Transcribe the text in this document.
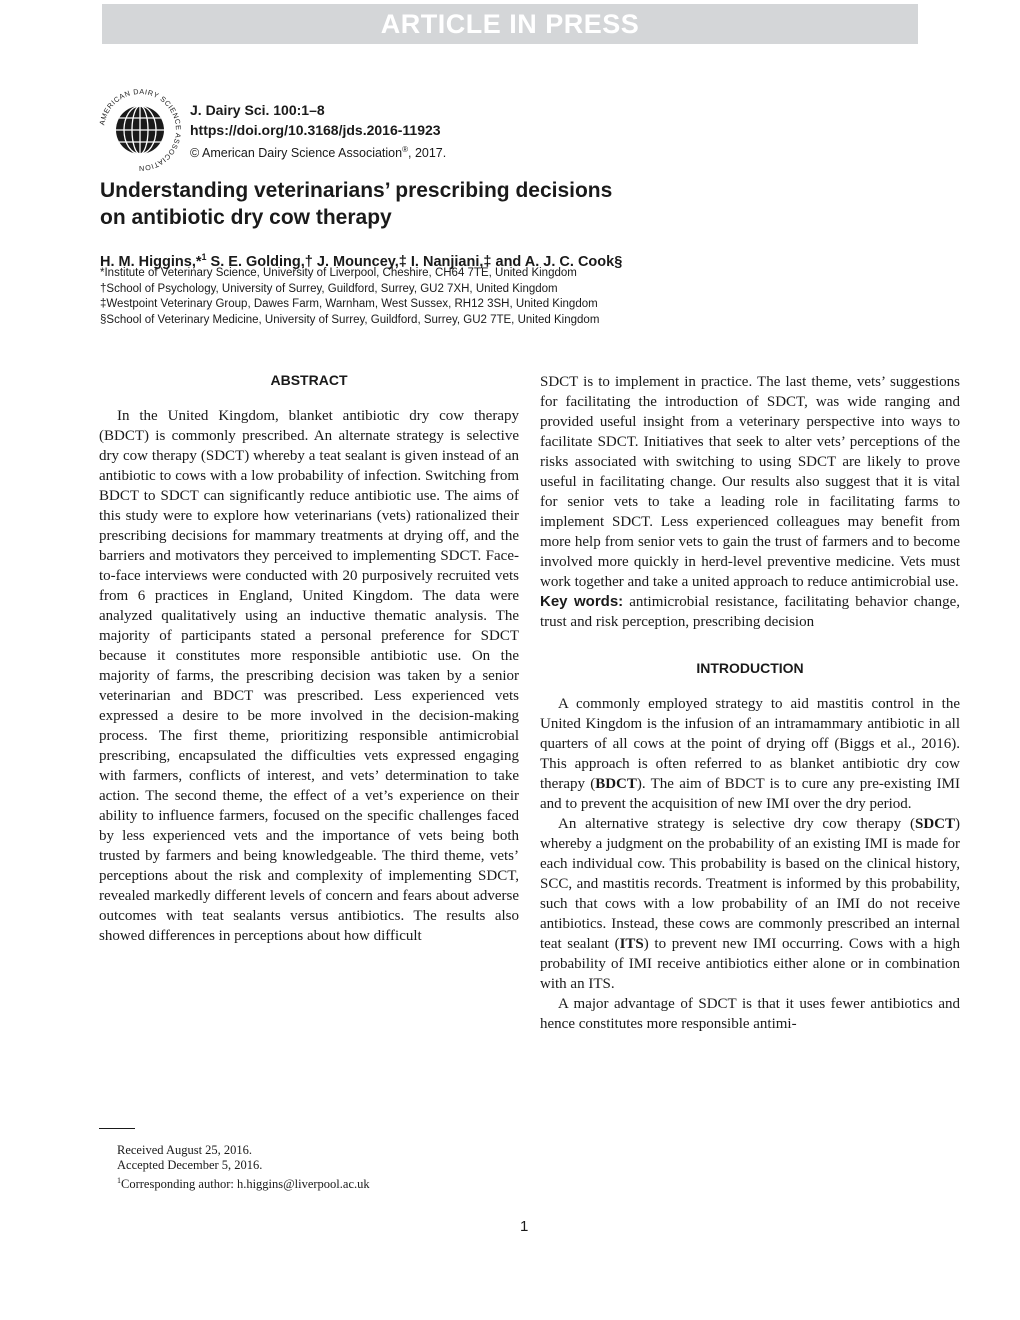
ARTICLE IN PRESS
AMERICAN DAIRY SCIENCE ASSOCIATION
J. Dairy Sci. 100:1–8
https://doi.org/10.3168/jds.2016-11923
© American Dairy Science Association®, 2017.
Understanding veterinarians’ prescribing decisions
on antibiotic dry cow therapy
H. M. Higgins,*$^1$ S. E. Golding,† J. Mouncey,‡ I. Nanjiani,‡ and A. J. C. Cook§
*Institute of Veterinary Science, University of Liverpool, Cheshire, CH64 7TE, United Kingdom
†School of Psychology, University of Surrey, Guildford, Surrey, GU2 7XH, United Kingdom
‡Westpoint Veterinary Group, Dawes Farm, Warnham, West Sussex, RH12 3SH, United Kingdom
§School of Veterinary Medicine, University of Surrey, Guildford, Surrey, GU2 7TE, United Kingdom
ABSTRACT

In the United Kingdom, blanket antibiotic dry cow therapy (BDCT) is commonly prescribed. An alternate strategy is selective dry cow therapy (SDCT) whereby a teat sealant is given instead of an antibiotic to cows with a low probability of infection. Switching from BDCT to SDCT can significantly reduce antibiotic use. The aims of this study were to explore how veterinarians (vets) rationalized their prescribing decisions for mammary treatments at drying off, and the barriers and motivators they perceived to implementing SDCT. Face-to-face interviews were conducted with 20 purposively recruited vets from 6 practices in England, United Kingdom. The data were analyzed qualitatively using an inductive thematic analysis. The majority of participants stated a personal preference for SDCT because it constitutes more responsible antibiotic use. On the majority of farms, the prescribing decision was taken by a senior veterinarian and BDCT was prescribed. Less experienced vets expressed a desire to be more involved in the decision-making process. The first theme, prioritizing responsible antimicrobial prescribing, encapsulated the difficulties vets expressed engaging with farmers, conflicts of interest, and vets’ determination to take action. The second theme, the effect of a vet’s experience on their ability to influence farmers, focused on the specific challenges faced by less experienced vets and the importance of vets being both trusted by farmers and being knowledgeable. The third theme, vets’ perceptions about the risk and complexity of implementing SDCT, revealed markedly different levels of concern and fears about adverse outcomes with teat sealants versus antibiotics. The results also showed differences in perceptions about how difficult

SDCT is to implement in practice. The last theme, vets’ suggestions for facilitating the introduction of SDCT, was wide ranging and provided useful insight from a veterinary perspective into ways to facilitate SDCT. Initiatives that seek to alter vets’ perceptions of the risks associated with switching to using SDCT are likely to prove useful in facilitating change. Our results also suggest that it is vital for senior vets to take a leading role in facilitating farms to implement SDCT. Less experienced colleagues may benefit from more help from senior vets to gain the trust of farmers and to become involved more quickly in herd-level preventive medicine. Vets must work together and take a united approach to reduce antimicrobial use.

Key words: antimicrobial resistance, facilitating behavior change, trust and risk perception, prescribing decision

INTRODUCTION

A commonly employed strategy to aid mastitis control in the United Kingdom is the infusion of an intramammary antibiotic in all quarters of all cows at the point of drying off (Biggs et al., 2016). This approach is often referred to as blanket antibiotic dry cow therapy (BDCT). The aim of BDCT is to cure any pre-existing IMI and to prevent the acquisition of new IMI over the dry period.

An alternative strategy is selective dry cow therapy (SDCT) whereby a judgment on the probability of an existing IMI is made for each individual cow. This probability is based on the clinical history, SCC, and mastitis records. Treatment is informed by this probability, such that cows with a low probability of an IMI do not receive antibiotics. Instead, these cows are commonly prescribed an internal teat sealant (ITS) to prevent new IMI occurring. Cows with a high probability of IMI receive antibiotics either alone or in combination with an ITS.

A major advantage of SDCT is that it uses fewer antibiotics and hence constitutes more responsible antimi-

Received August 25, 2016.
Accepted December 5, 2016.
$^1$Corresponding author: h.higgins@liverpool.ac.uk
1
